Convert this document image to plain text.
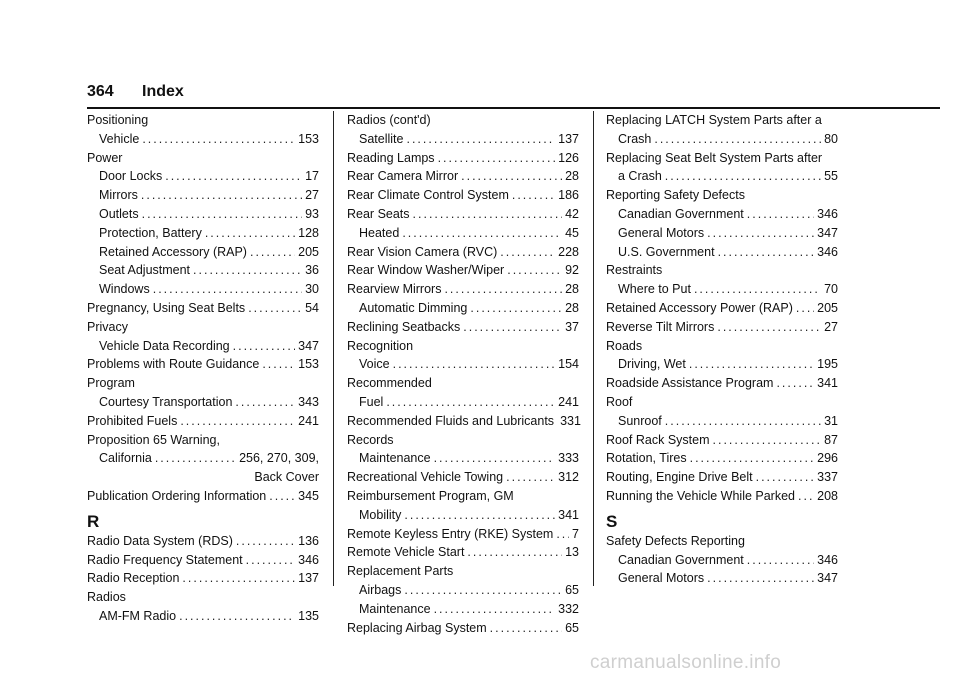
364 Index
Positioning
Vehicle .....	153
Power
Door Locks .....	17
Mirrors .....	27
Outlets .....	93
Protection, Battery .....	128
Retained Accessory (RAP) .....	205
Seat Adjustment .....	36
Windows .....	30
Pregnancy, Using Seat Belts .....	54
Privacy
Vehicle Data Recording .....	347
Problems with Route Guidance .....	153
Program
Courtesy Transportation .....	343
Prohibited Fuels .....	241
Proposition 65 Warning,
California .....	256, 270, 309,
Back Cover
Publication Ordering Information .....	345
R
Radio Data System (RDS) .....	136
Radio Frequency Statement .....	346
Radio Reception .....	137
Radios
AM-FM Radio .....	135
Radios (cont'd)
Satellite .....	137
Reading Lamps .....	126
Rear Camera Mirror .....	28
Rear Climate Control System .....	186
Rear Seats .....	42
Heated .....	45
Rear Vision Camera (RVC) .....	228
Rear Window Washer/Wiper .....	92
Rearview Mirrors .....	28
Automatic Dimming .....	28
Reclining Seatbacks .....	37
Recognition
Voice .....	154
Recommended
Fuel .....	241
Recommended Fluids and Lubricants 331
Records
Maintenance .....	333
Recreational Vehicle Towing .....	312
Reimbursement Program, GM
Mobility .....	341
Remote Keyless Entry (RKE) System ..... 7
Remote Vehicle Start .....	13
Replacement Parts
Airbags .....	65
Maintenance .....	332
Replacing Airbag System .....	65
Replacing LATCH System Parts after a
Crash .....	80
Replacing Seat Belt System Parts after
a Crash .....	55
Reporting Safety Defects
Canadian Government .....	346
General Motors .....	347
U.S. Government .....	346
Restraints
Where to Put .....	70
Retained Accessory Power (RAP) ..... 205
Reverse Tilt Mirrors .....	27
Roads
Driving, Wet .....	195
Roadside Assistance Program .....	341
Roof
Sunroof .....	31
Roof Rack System .....	87
Rotation, Tires .....	296
Routing, Engine Drive Belt .....	337
Running the Vehicle While Parked ..... 208
S
Safety Defects Reporting
Canadian Government .....	346
General Motors .....	347
carmanualsonline.info
